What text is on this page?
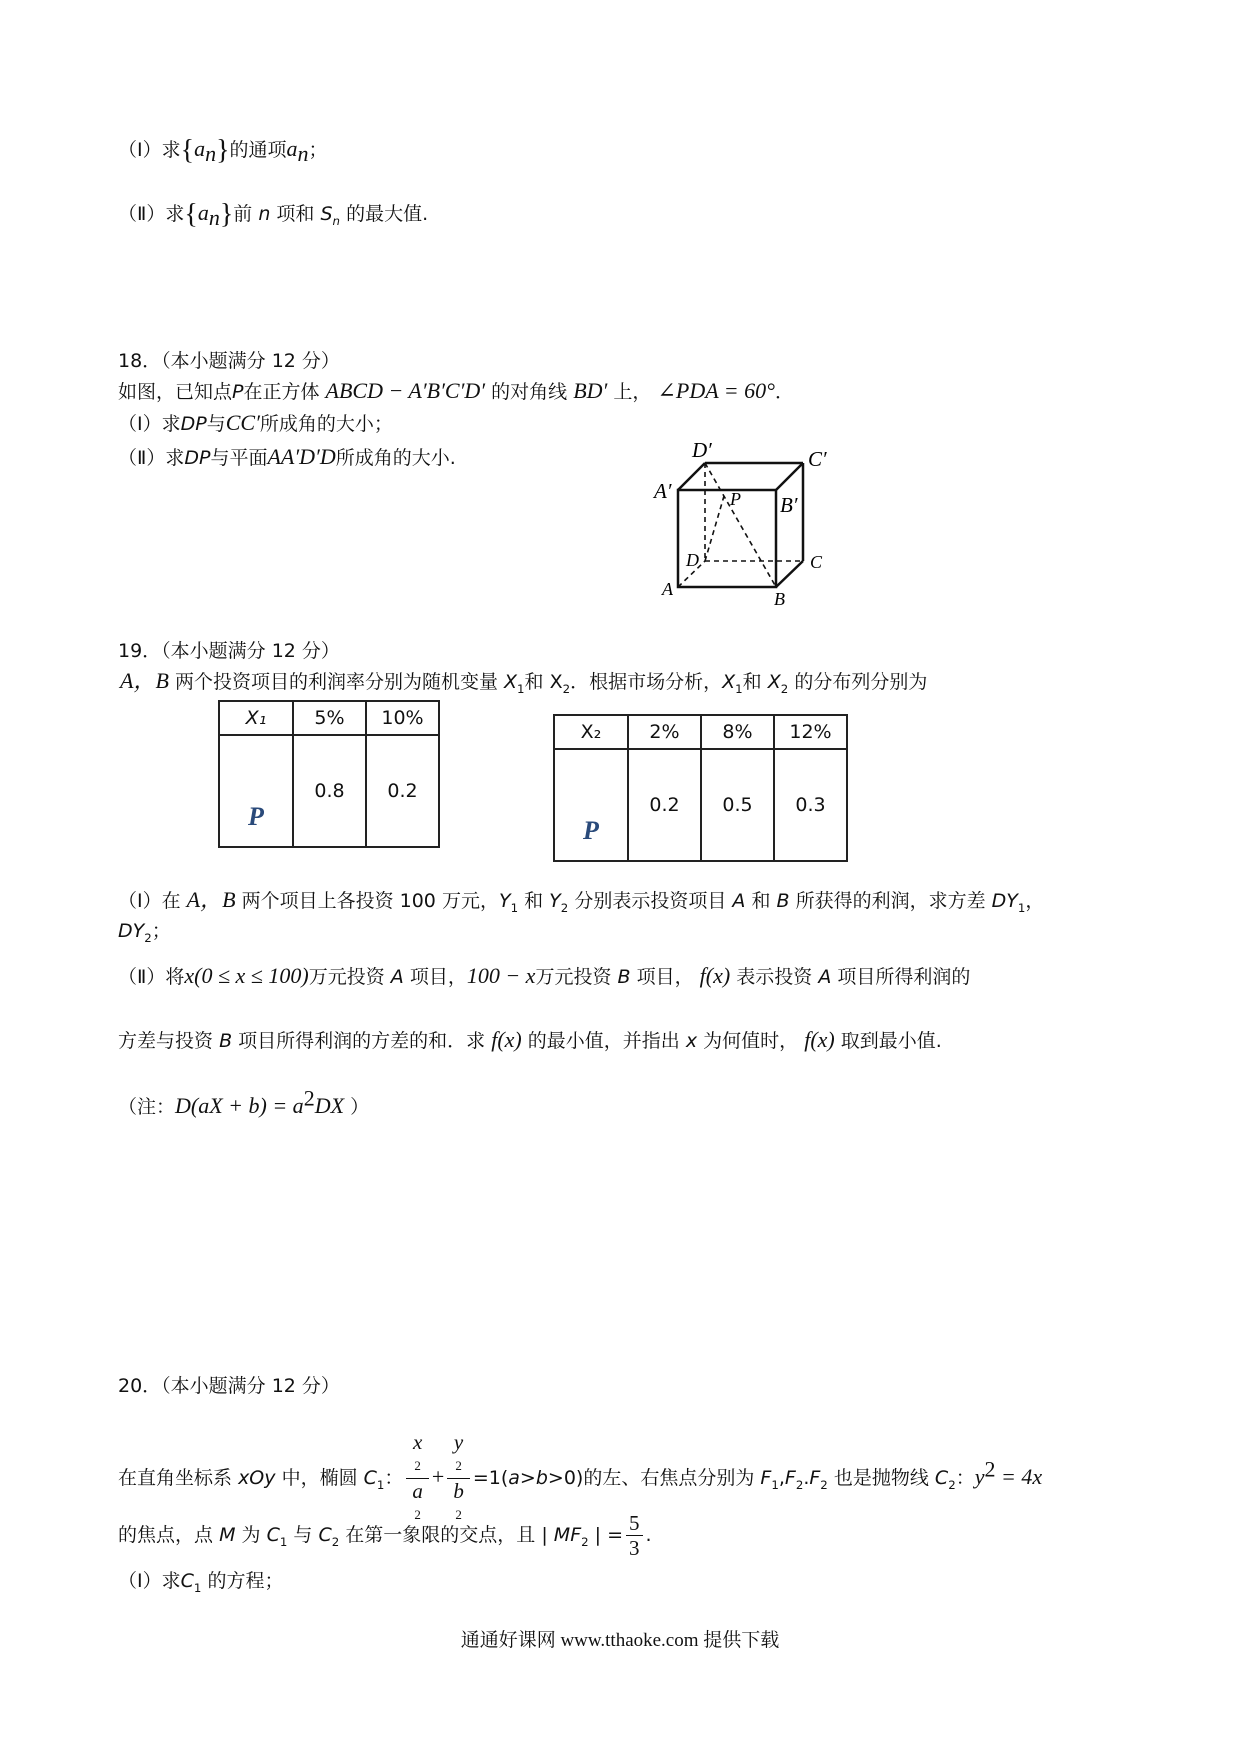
（Ⅰ）求$\{a_n\}$的通项$a_n$；
（Ⅱ）求$\{a_n\}$前 n 项和 $S_n$ 的最大值.
18．（本小题满分 12 分）
如图，已知点P在正方体 ABCD − A′B′C′D′ 的对角线 BD′ 上， ∠PDA = 60°．
（Ⅰ）求DP与CC′所成角的大小；
（Ⅱ）求DP与平面AA′D′D所成角的大小.	D′	C′
A′
B′
P
D	C
A	B
19．（本小题满分 12 分）
A，B 两个投资项目的利润率分别为随机变量 $X_1$和 $X_2$．根据市场分析，$X_1$和 $X_2$ 的分布列分别为
X₁	5%	10%

P	0.8	0.2
X₂	2%	8%	12%

P	0.2	0.5	0.3
（Ⅰ）在 A，B 两个项目上各投资 100 万元，$Y_1$ 和 $Y_2$ 分别表示投资项目 A 和 B 所获得的利润，求方差 $DY_1$，
$DY_2$；
（Ⅱ）将x(0 ≤ x ≤ 100)万元投资 A 项目，100 − x万元投资 B 项目， f(x) 表示投资 A 项目所得利润的
方差与投资 B 项目所得利润的方差的和．求 f(x) 的最小值，并指出 x 为何值时， f(x) 取到最小值.
（注：$D(aX + b) = a^2DX$ ）
20．（本小题满分 12 分）
在直角坐标系 xOy 中，椭圆 $C_1$： x
2
a
2 + y
2
b
2 =1(a>b>0)的左、右焦点分别为 $F_1,F_2.F_2$ 也是抛物线 $C_2$：$y^2 = 4x$
的焦点，点 M 为 $C_1$ 与 $C_2$ 在第一象限的交点，且 | $MF_2$ | = $\frac{5}{3}$ .
（Ⅰ）求$C_1$ 的方程；
通通好课网 www.tthaoke.com 提供下载
